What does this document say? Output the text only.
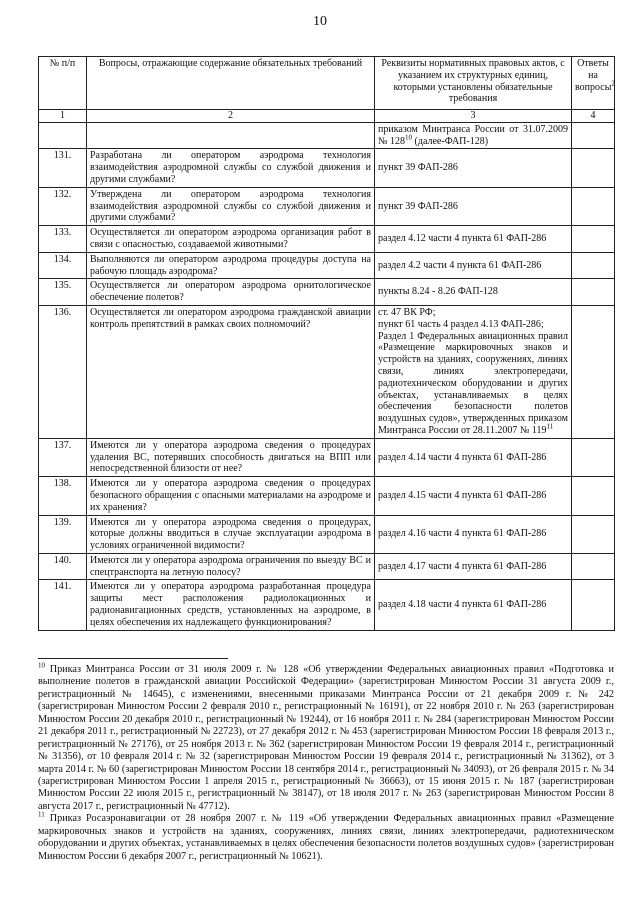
10
№ п/п	Вопросы, отражающие содержание обязательных требований	Реквизиты нормативных правовых актов, с указанием их структурных единиц, которыми установлены обязательные требования	Ответы на вопросы$^2$
1	2	3	4
		приказом Минтранса России от 31.07.2009 № $128^{10}$ (далее-ФАП-128)	
131.	Разработана ли оператором аэродрома технология взаимодействия аэродромной службы со службой движения и другими службами?	пункт 39 ФАП-286	
132.	Утверждена ли оператором аэродрома технология взаимодействия аэродромной службы со службой движения и другими службами?	пункт 39 ФАП-286	
133.	Осуществляется ли оператором аэродрома организация работ в связи с опасностью, создаваемой животными?	раздел 4.12 части 4 пункта 61 ФАП-286	
134.	Выполняются ли оператором аэродрома процедуры доступа на рабочую площадь аэродрома?	раздел 4.2 части 4 пункта 61 ФАП-286	
135.	Осуществляется ли оператором аэродрома орнитологическое обеспечение полетов?	пункты 8.24 - 8.26 ФАП-128	
136.	Осуществляется ли оператором аэродрома гражданской авиации контроль препятствий в рамках своих полномочий?	ст. 47 ВК РФ;
пункт 61 часть 4 раздел 4.13 ФАП-286;
Раздел 1 Федеральных авиационных правил «Размещение маркировочных знаков и устройств на зданиях, сооружениях, линиях связи, линиях электропередачи, радиотехническом оборудовании и других объектах, устанавливаемых в целях обеспечения безопасности полетов воздушных судов», утвержденных приказом Минтранса России от 28.11.2007 № $119^{11}$

137.	Имеются ли у оператора аэродрома сведения о процедурах удаления ВС, потерявших способность двигаться на ВПП или непосредственной близости от нее?	раздел 4.14 части 4 пункта 61 ФАП-286	
138.	Имеются ли у оператора аэродрома сведения о процедурах безопасного обращения с опасными материалами на аэродроме и их хранения?	раздел 4.15 части 4 пункта 61 ФАП-286	
139.	Имеются ли у оператора аэродрома сведения о процедурах, которые должны вводиться в случае эксплуатации аэродрома в условиях ограниченной видимости?	раздел 4.16 части 4 пункта 61 ФАП-286	
140.	Имеются ли у оператора аэродрома ограничения по выезду ВС и спецтранспорта на летную полосу?	раздел 4.17 части 4 пункта 61 ФАП-286	
141.	Имеются ли у оператора аэродрома разработанная процедура защиты мест расположения радиолокационных и радионавигационных средств, установленных на аэродроме, в целях обеспечения их надлежащего функционирования?	раздел 4.18 части 4 пункта 61 ФАП-286	

$^{10}$ Приказ Минтранса России от 31 июля 2009 г. № 128 «Об утверждении Федеральных авиационных правил «Подготовка и выполнение полетов в гражданской авиации Российской Федерации» (зарегистрирован Минюстом России 31 августа 2009 г., регистрационный № 14645), с изменениями, внесенными приказами Минтранса России от 21 декабря 2009 г. № 242 (зарегистрирован Минюстом России 2 февраля 2010 г., регистрационный № 16191), от 22 ноября 2010 г. № 263 (зарегистрирован Минюстом России 20 декабря 2010 г., регистрационный № 19244), от 16 ноября 2011 г. № 284 (зарегистрирован Минюстом России 21 декабря 2011 г., регистрационный № 22723), от 27 декабря 2012 г. № 453 (зарегистрирован Минюстом России 18 февраля 2013 г., регистрационный № 27176), от 25 ноября 2013 г. № 362 (зарегистрирован Минюстом России 19 февраля 2014 г., регистрационный № 31356), от 10 февраля 2014 г. № 32 (зарегистрирован Минюстом России 19 февраля 2014 г., регистрационный № 31362), от 3 марта 2014 г. № 60 (зарегистрирован Минюстом России 18 сентября 2014 г., регистрационный № 34093), от 26 февраля 2015 г. № 34 (зарегистрирован Минюстом России 1 апреля 2015 г., регистрационный № 36663), от 15 июня 2015 г. № 187 (зарегистрирован Минюстом России 22 июля 2015 г., регистрационный № 38147), от 18 июля 2017 г. № 263 (зарегистрирован Минюстом России 8 августа 2017 г., регистрационный № 47712).

$^{11}$ Приказ Росаэронавигации от 28 ноября 2007 г. № 119 «Об утверждении Федеральных авиационных правил «Размещение маркировочных знаков и устройств на зданиях, сооружениях, линиях связи, линиях электропередачи, радиотехническом оборудовании и других объектах, устанавливаемых в целях обеспечения безопасности полетов воздушных судов» (зарегистрирован Минюстом России 6 декабря 2007 г., регистрационный № 10621).
